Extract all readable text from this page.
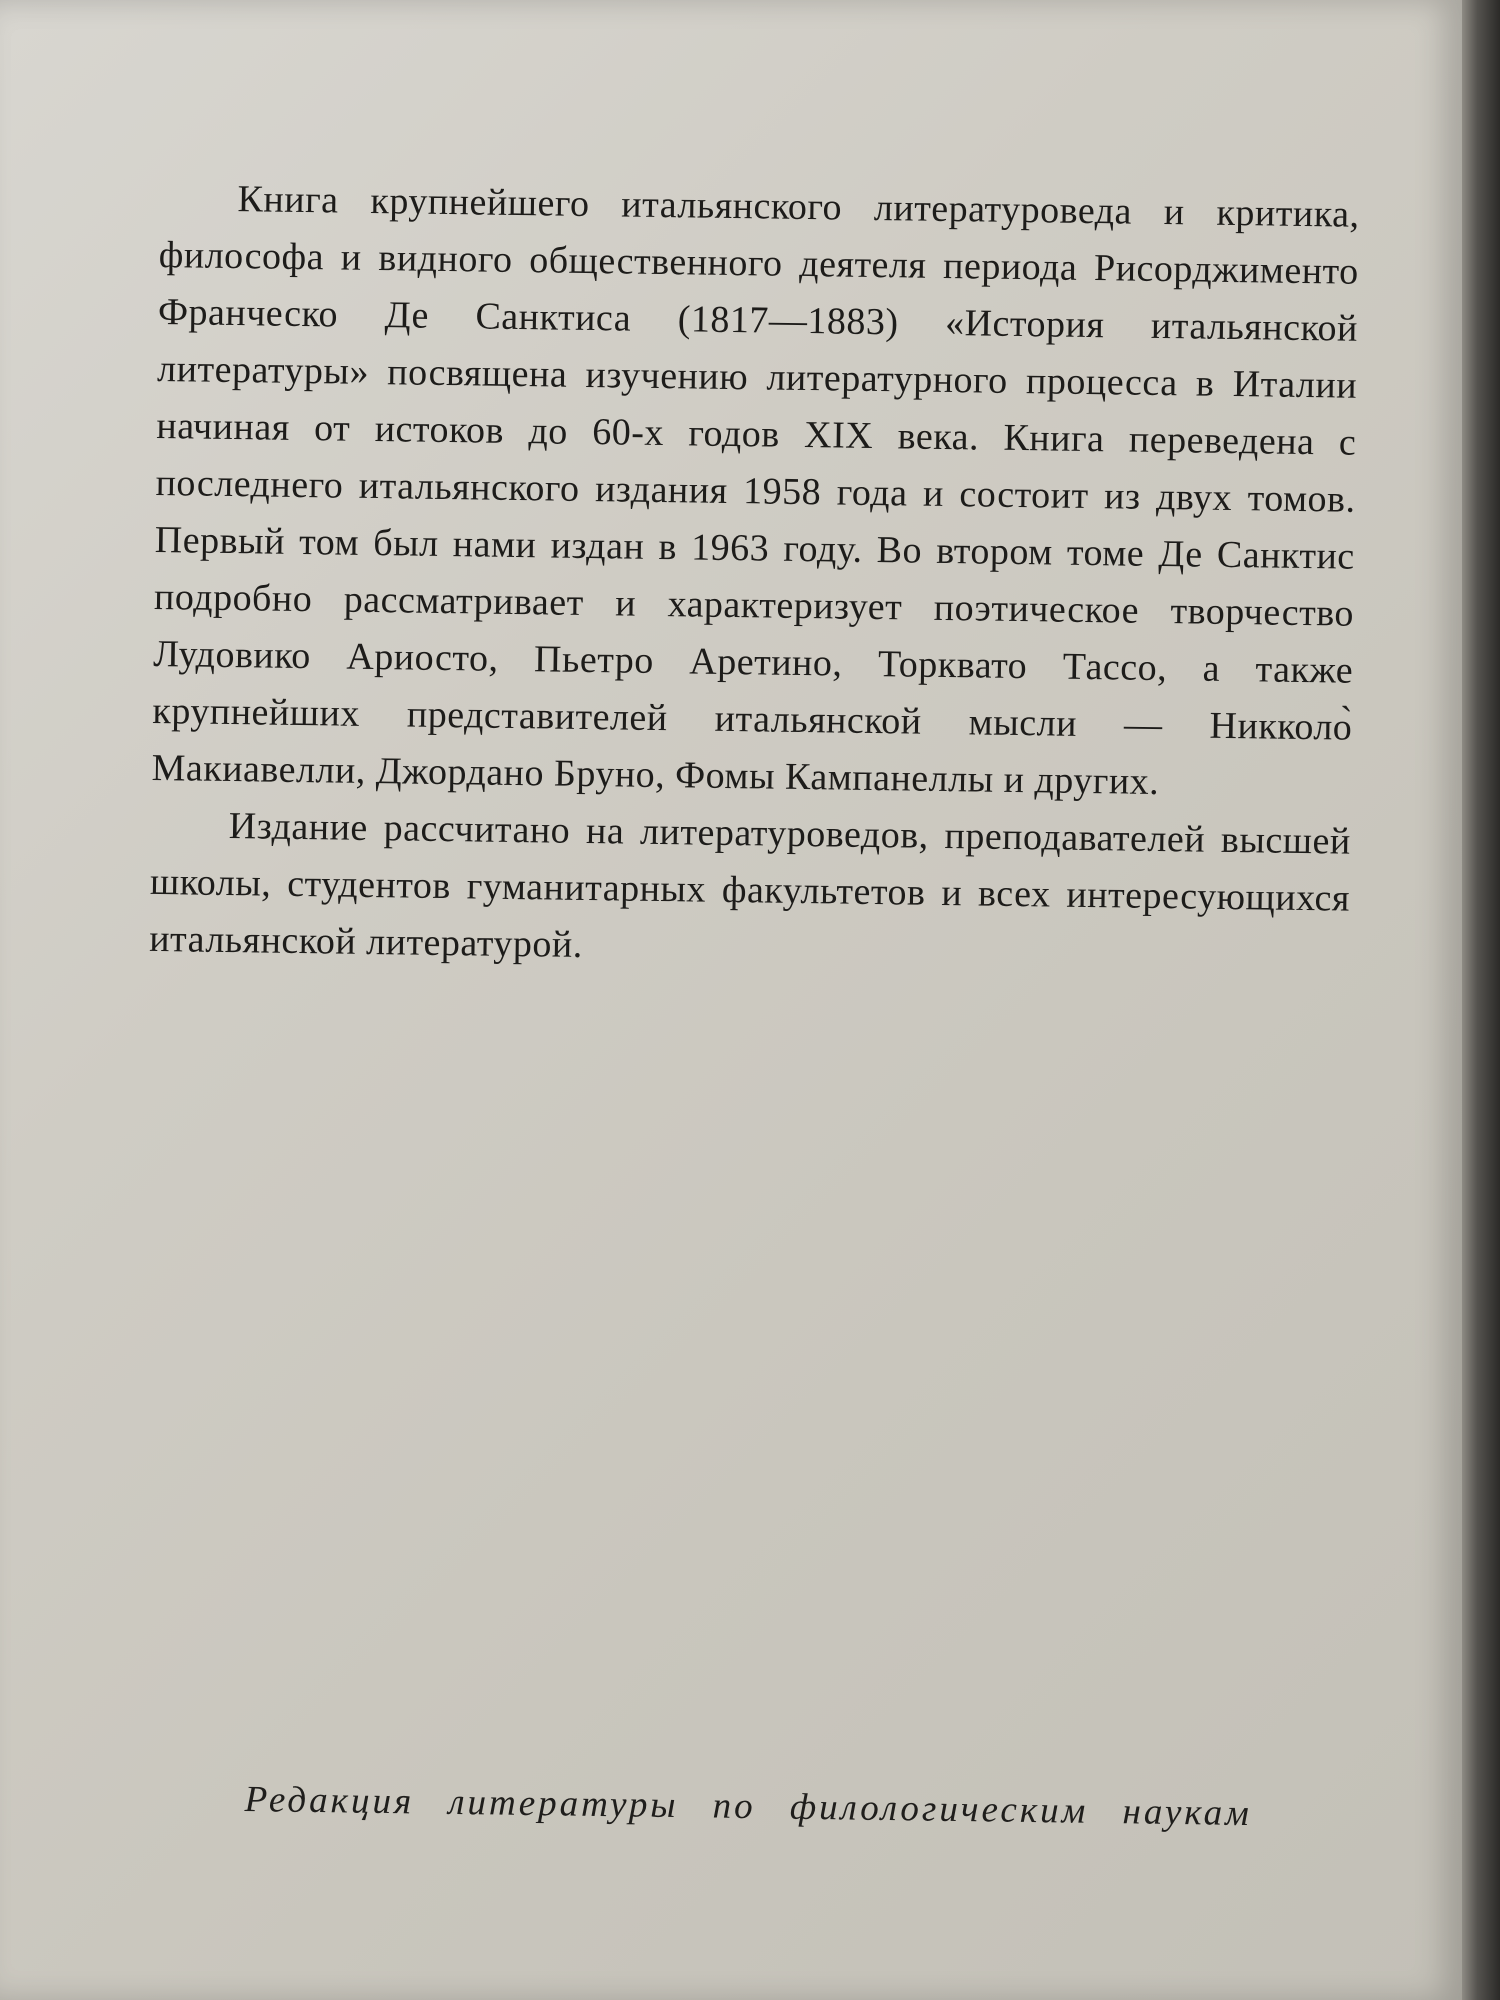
Книга крупнейшего итальянского литературоведа и критика, философа и видного общественного деятеля периода Рисорджименто Франческо Де Санктиса (1817—1883) «История итальянской литературы» посвящена изучению литературного процесса в Италии начиная от истоков до 60-х годов XIX века. Книга переведена с последнего итальянского издания 1958 года и состоит из двух томов. Первый том был нами издан в 1963 году. Во втором томе Де Санктис подробно рассматривает и характеризует поэтическое творчество Лудовико Ариосто, Пьетро Аретино, Торквато Тассо, а также крупнейших представителей итальянской мысли — Никколо̀ Макиавелли, Джордано Бруно, Фомы Кампанеллы и других.

Издание рассчитано на литературоведов, преподавателей высшей школы, студентов гуманитарных факультетов и всех интересующихся итальянской литературой.

Редакция литературы по филологическим наукам
